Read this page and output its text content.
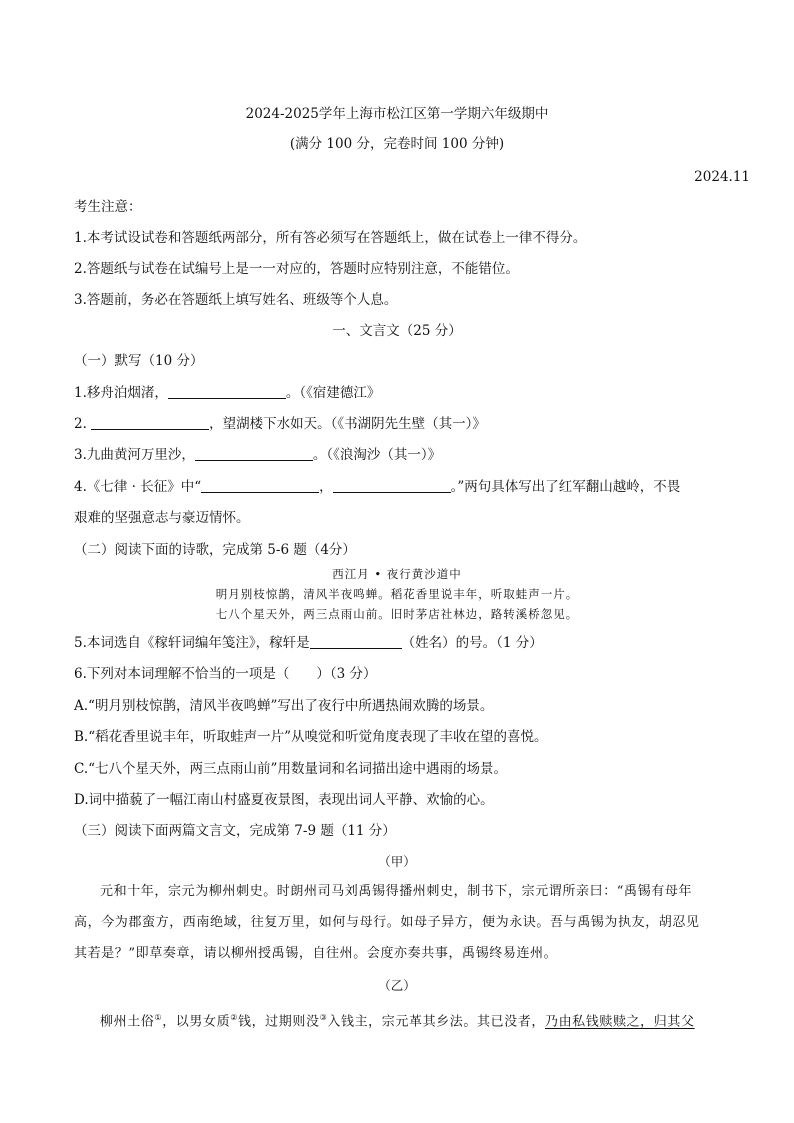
2024-2025学年上海市松江区第一学期六年级期中
(满分 100 分，完卷时间 100 分钟)
2024.11
考生注意：
1.本考试设试卷和答题纸两部分，所有答必须写在答题纸上，做在试卷上一律不得分。
2.答题纸与试卷在试编号上是一一对应的，答题时应特别注意，不能错位。
3.答题前，务必在答题纸上填写姓名、班级等个人息。
一、文言文（25 分）
（一）默写（10 分）
1.移舟泊烟渚，	。（《宿建德江》
2.	，望湖楼下水如天。（《书湖阴先生壁（其一）》
3.九曲黄河万里沙，	。（《浪淘沙（其一）》
4.《七律 · 长征》中“	，	。”两句具体写出了红军翻山越岭，不畏
艰难的坚强意志与豪迈情怀。
（二）阅读下面的诗歌，完成第 5-6 题（4分）
西江月 • 夜行黄沙道中
明月别枝惊鹊，清风半夜鸣蝉。稻花香里说丰年，听取蛙声一片。
七八个星天外，两三点雨山前。旧时茅店社林边，路转溪桥忽见。
5.本词选自《稼轩词编年笺注》，稼轩是	（姓名）的号。（1 分）
6.下列对本词理解不恰当的一项是（　　）（3 分）
A.“明月别枝惊鹊，清风半夜鸣蝉”写出了夜行中所遇热闹欢腾的场景。
B.“稻花香里说丰年，听取蛙声一片”从嗅觉和听觉角度表现了丰收在望的喜悦。
C.“七八个星天外，两三点雨山前”用数量词和名词描出途中遇雨的场景。
D.词中描藐了一幅江南山村盛夏夜景图，表现出词人平静、欢愉的心。
（三）阅读下面两篇文言文，完成第 7-9 题（11 分）
（甲）
元和十年，宗元为柳州刺史。时朗州司马刘禹锡得播州刺史，制书下，宗元谓所亲曰：“禹锡有母年
高，今为郡蛮方，西南绝域，往复万里，如何与母行。如母子异方，便为永诀。吾与禹锡为执友，胡忍见
其若是？”即草奏章，请以柳州授禹锡，自往州。会度亦奏共事，禹锡终易连州。
（乙）
柳州土俗①，以男女质②钱，过期则没③入钱主，宗元革其乡法。其已没者，乃由私钱赎赎之，归其父
